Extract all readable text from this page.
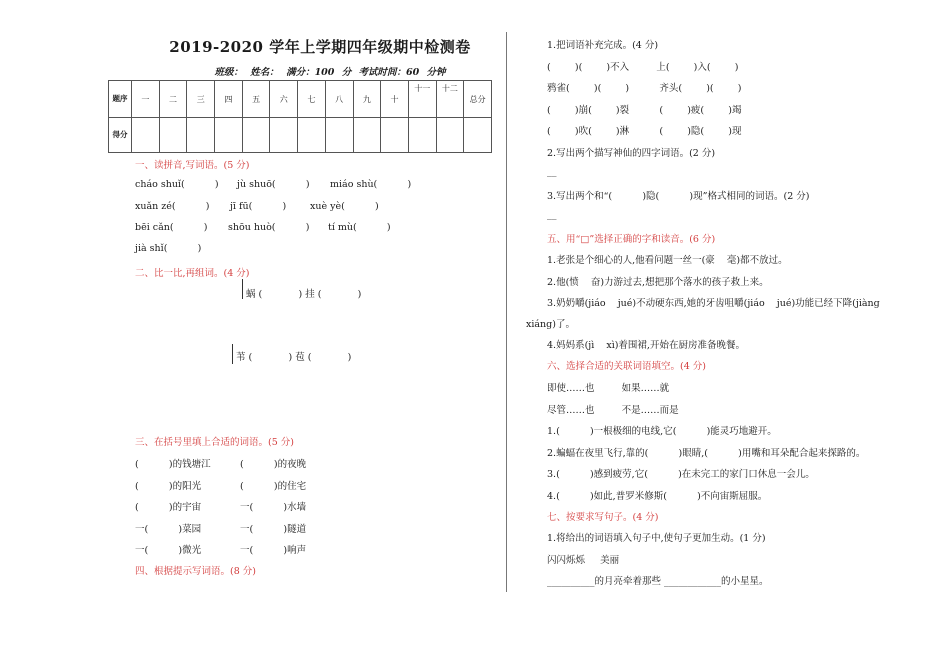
2019-2020 学年上学期四年级期中检测卷
班级： 姓名： 满分：100 分 考试时间：60 分钟
题序	一	二	三	四	五	六	七	八	九	十	十一	十二	总分
得分													
一、读拼音,写词语。(5 分)
cháo shuǐ(          ) jù shuō(          ) miáo shù(          )
xuǎn zé(          ) jī fū(          )	xuè yè(          )
bēi cǎn(          ) shōu huò(          ) tí mù(          )
jià shǐ(          )
二、比一比,再组词。(4 分)
蜗 (            ) 挂 (            )
苇 (            ) 苞 (            )
三、在括号里填上合适的词语。(5 分)
(          )的钱塘江	(          )的夜晚
(          )的阳光	(          )的住宅
(          )的宇宙	一(          )水墙
一(          )菜园	一(          )隧道
一(          )微光	一(          )响声
四、根据提示写词语。(8 分)
1.把词语补充完成。(4 分)
(        )(        )不入         上(        )入(        )
鸦雀(        )(        )          齐头(        )(        )
(        )崩(        )裂          (        )疲(        )竭
(        )吹(        )淋          (        )隐(        )现
2.写出两个描写神仙的四字词语。(2 分)
__
3.写出两个和“(          )隐(          )现”格式相同的词语。(2 分)
__
五、用“□”选择正确的字和读音。(6 分)
1.老张是个细心的人,他看问题一丝一(豪    毫)都不放过。
2.他(愤    奋)力游过去,想把那个落水的孩子救上来。
3.奶奶嚼(jiáo    jué)不动硬东西,她的牙齿咀嚼(jiáo    jué)功能已经下降(jiàng
xiáng)了。
4.妈妈系(jì    xì)着围裙,开始在厨房准备晚餐。
六、选择合适的关联词语填空。(4 分)
即使……也         如果……就
尽管……也         不是……而是
1.(          )一根极细的电线,它(          )能灵巧地避开。
2.蝙蝠在夜里飞行,靠的(          )眼睛,(          )用嘴和耳朵配合起来探路的。
3.(          )感到疲劳,它(          )在未完工的家门口休息一会儿。
4.(          )如此,普罗米修斯(          )不向宙斯屈服。
七、按要求写句子。(4 分)
1.将给出的词语填入句子中,使句子更加生动。(1 分)
闪闪烁烁     美丽
__________的月亮牵着那些 ____________的小星星。
